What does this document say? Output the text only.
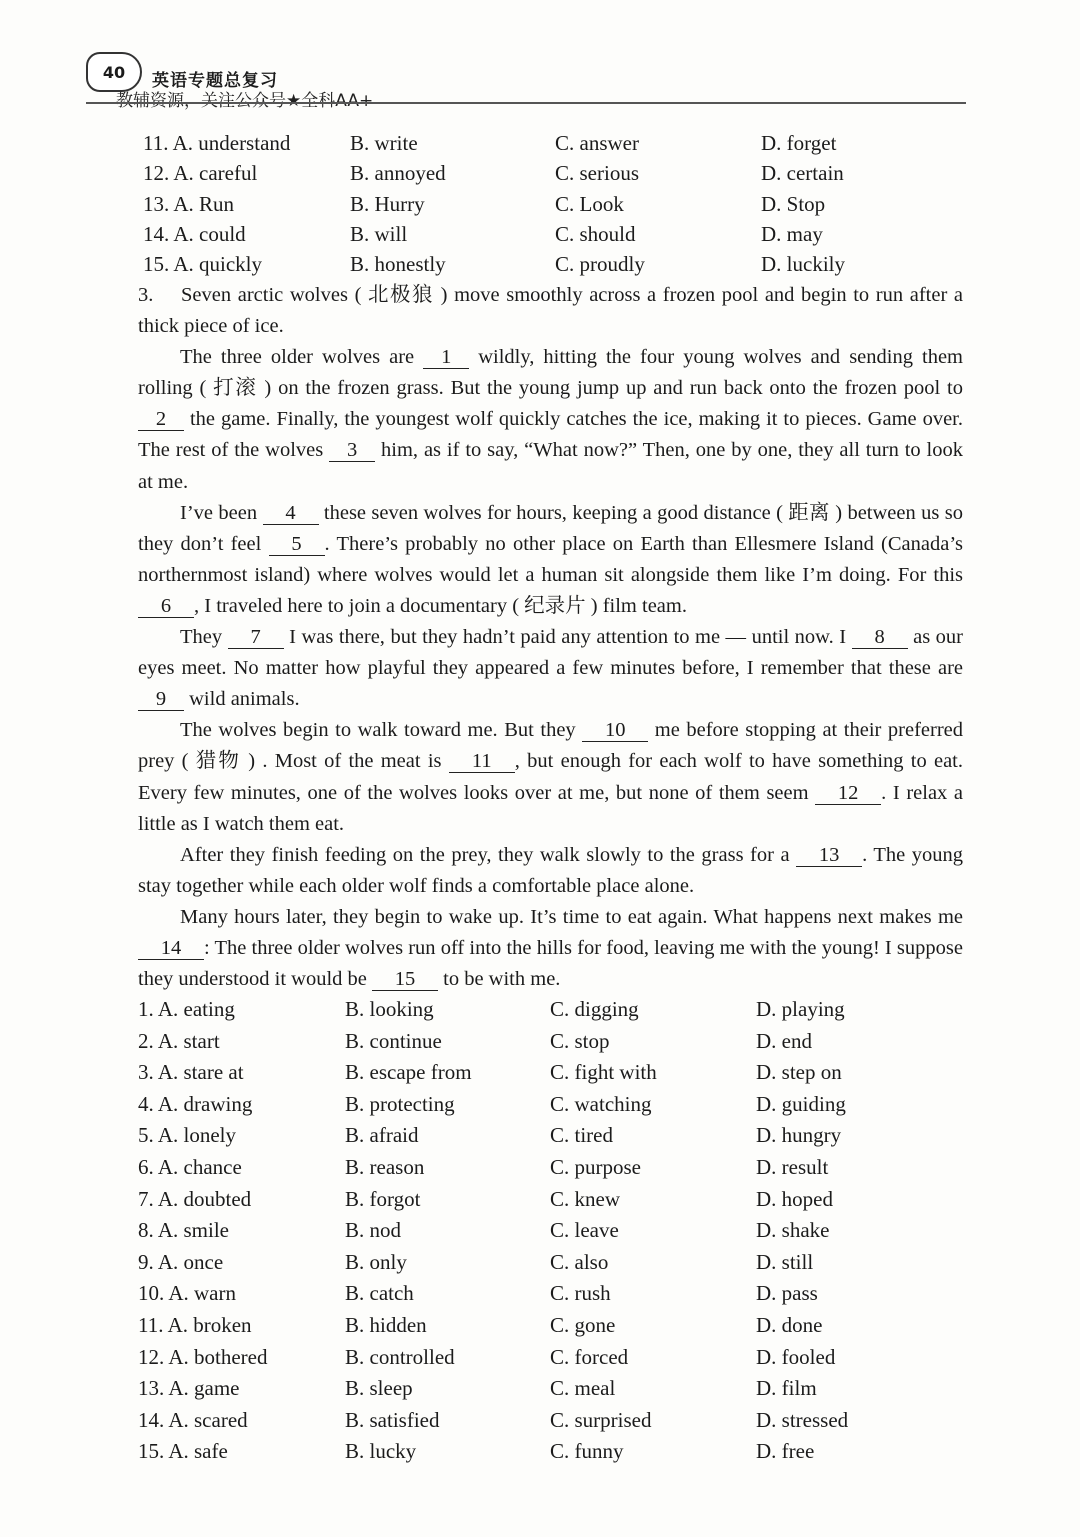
40	英语专题总复习
教辅资源，关注公众号★全科AA+
11. A. understand	B. write	C. answer	D. forget
12. A. careful	B. annoyed	C. serious	D. certain
13. A. Run	B. Hurry	C. Look	D. Stop
14. A. could	B. will	C. should	D. may
15. A. quickly	B. honestly	C. proudly	D. luckily

3. Seven arctic wolves ( 北极狼 ) move smoothly across a frozen pool and begin to run after a thick piece of ice.

The three older wolves are 1 wildly, hitting the four young wolves and sending them rolling ( 打滚 ) on the frozen grass. But the young jump up and run back onto the frozen pool to 2 the game. Finally, the youngest wolf quickly catches the ice, making it to pieces. Game over. The rest of the wolves 3 him, as if to say, “What now?” Then, one by one, they all turn to look at me.

I’ve been 4 these seven wolves for hours, keeping a good distance ( 距离 ) between us so they don’t feel 5 . There’s probably no other place on Earth than Ellesmere Island (Canada’s northernmost island) where wolves would let a human sit alongside them like I’m doing. For this 6 , I traveled here to join a documentary ( 纪录片 ) film team.

They 7 I was there, but they hadn’t paid any attention to me — until now. I 8 as our eyes meet. No matter how playful they appeared a few minutes before, I remember that these are 9 wild animals.

The wolves begin to walk toward me. But they 10 me before stopping at their preferred prey ( 猎物 ) . Most of the meat is 11 , but enough for each wolf to have something to eat. Every few minutes, one of the wolves looks over at me, but none of them seem 12 . I relax a little as I watch them eat.

After they finish feeding on the prey, they walk slowly to the grass for a 13 . The young stay together while each older wolf finds a comfortable place alone.

Many hours later, they begin to wake up. It’s time to eat again. What happens next makes me 14 : The three older wolves run off into the hills for food, leaving me with the young! I suppose they understood it would be 15 to be with me.

1. A. eating	B. looking	C. digging	D. playing
2. A. start	B. continue	C. stop	D. end
3. A. stare at	B. escape from	C. fight with	D. step on
4. A. drawing	B. protecting	C. watching	D. guiding
5. A. lonely	B. afraid	C. tired	D. hungry
6. A. chance	B. reason	C. purpose	D. result
7. A. doubted	B. forgot	C. knew	D. hoped
8. A. smile	B. nod	C. leave	D. shake
9. A. once	B. only	C. also	D. still
10. A. warn	B. catch	C. rush	D. pass
11. A. broken	B. hidden	C. gone	D. done
12. A. bothered	B. controlled	C. forced	D. fooled
13. A. game	B. sleep	C. meal	D. film
14. A. scared	B. satisfied	C. surprised	D. stressed
15. A. safe	B. lucky	C. funny	D. free
